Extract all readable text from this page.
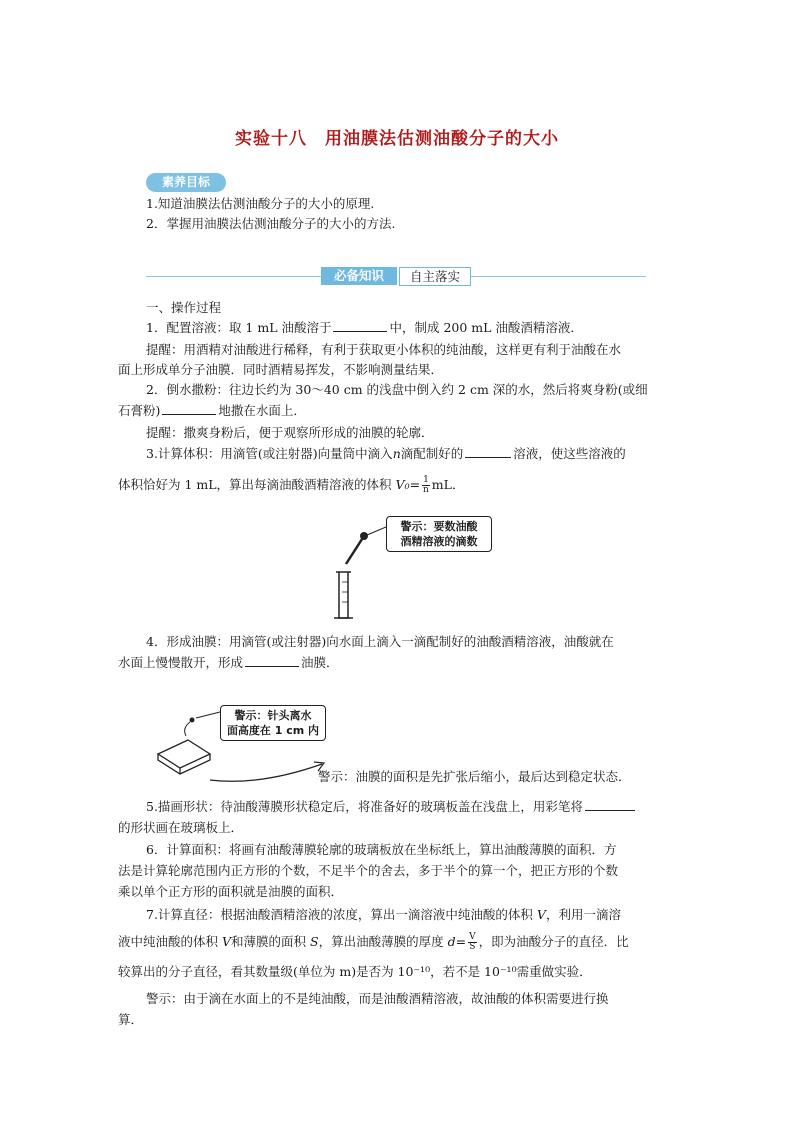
实验十八 用油膜法估测油酸分子的大小
素养目标
1.知道油膜法估测油酸分子的大小的原理.
2．掌握用油膜法估测油酸分子的大小的方法.
必备知识	自主落实
一、操作过程
1．配置溶液：取 1 mL 油酸溶于	中，制成 200 mL 油酸酒精溶液．
提醒：用酒精对油酸进行稀释，有利于获取更小体积的纯油酸，这样更有利于油酸在水
面上形成单分子油膜．同时酒精易挥发，不影响测量结果．
2．倒水撒粉：往边长约为 30～40 cm 的浅盘中倒入约 2 cm 深的水，然后将爽身粉(或细
石膏粉)	地撒在水面上．
提醒：撒爽身粉后，便于观察所形成的油膜的轮廓．
3.计算体积：用滴管(或注射器)向量筒中滴入n滴配制好的	溶液，使这些溶液的
体积恰好为 1 mL，算出每滴油酸酒精溶液的体积 $V_0= \frac{1}{n}$ mL．
警示：要数油酸
酒精溶液的滴数
4．形成油膜：用滴管(或注射器)向水面上滴入一滴配制好的油酸酒精溶液，油酸就在
水面上慢慢散开，形成	油膜．
警示：针头离水
面高度在 1 cm 内
警示：油膜的面积是先扩张后缩小，最后达到稳定状态．
5.描画形状：待油酸薄膜形状稳定后，将准备好的玻璃板盖在浅盘上，用彩笔将
的形状画在玻璃板上．
6．计算面积：将画有油酸薄膜轮廓的玻璃板放在坐标纸上，算出油酸薄膜的面积．方
法是计算轮廓范围内正方形的个数，不足半个的舍去，多于半个的算一个，把正方形的个数
乘以单个正方形的面积就是油膜的面积．
7.计算直径：根据油酸酒精溶液的浓度，算出一滴溶液中纯油酸的体积 V，利用一滴溶
液中纯油酸的体积 V和薄膜的面积 S，算出油酸薄膜的厚度 $d= \frac{V}{S}$ ，即为油酸分子的直径．比
较算出的分子直径，看其数量级(单位为 m)是否为 10⁻¹⁰，若不是 10⁻¹⁰需重做实验．
警示：由于滴在水面上的不是纯油酸，而是油酸酒精溶液，故油酸的体积需要进行换
算．
